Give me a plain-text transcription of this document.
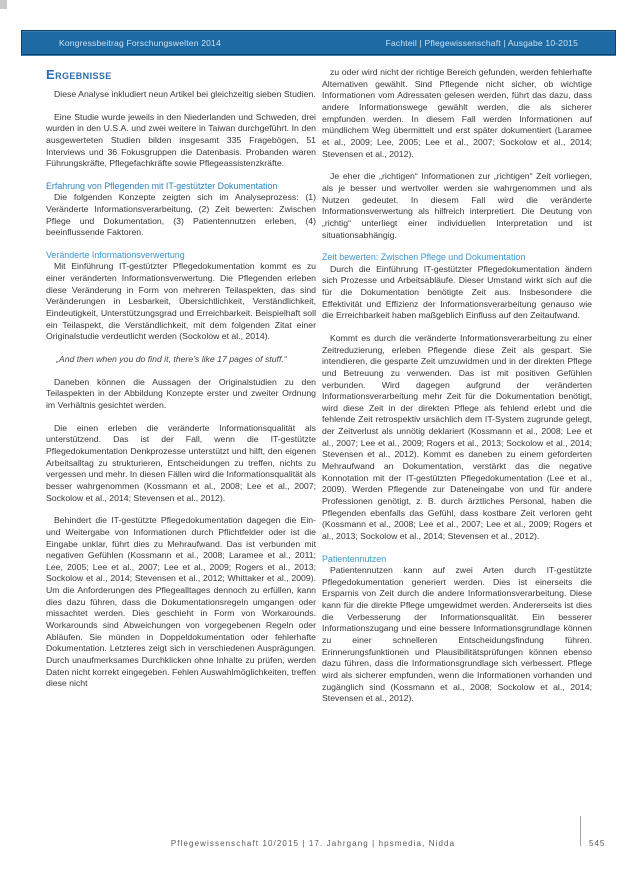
Kongressbeitrag Forschungswelten 2014	Fachteil | Pflegewissenschaft | Ausgabe 10-2015
Ergebnisse

Diese Analyse inkludiert neun Artikel bei gleichzeitig sieben Studien.

Eine Studie wurde jeweils in den Niederlanden und Schweden, drei wurden in den U.S.A. und zwei weitere in Taiwan durchgeführt. In den ausgewerteten Studien bilden insgesamt 335 Fragebögen, 51 Interviews und 36 Fokusgruppen die Datenbasis. Probanden waren Führungskräfte, Pflegefachkräfte sowie Pflegeassistenzkräfte.

Erfahrung von Pflegenden mit IT-gestützter Dokumentation

Die folgenden Konzepte zeigten sich im Analyseprozess: (1) Veränderte Informationsverarbeitung, (2) Zeit bewerten: Zwischen Pflege und Dokumentation, (3) Patientennutzen erleben, (4) beeinflussende Faktoren.

Veränderte Informationsverwertung

Mit Einführung IT-gestützter Pflegedokumentation kommt es zu einer veränderten Informationsverwertung. Die Pflegenden erleben diese Veränderung in Form von mehreren Teilaspekten, das sind Veränderungen in Lesbarkeit, Übersichtlichkeit, Verständlichkeit, Eindeutigkeit, Unterstützungsgrad und Erreichbarkeit. Beispielhaft soll ein Teilaspekt, die Verständlichkeit, mit dem folgenden Zitat einer Originalstudie verdeutlicht werden (Sockolow et al., 2014).

„And then when you do find it, there’s like 17 pages of stuff.“

Daneben können die Aussagen der Originalstudien zu den Teilaspekten in der Abbildung Konzepte erster und zweiter Ordnung im Verhältnis gesichtet werden.

Die einen erleben die veränderte Informationsqualität als unterstützend. Das ist der Fall, wenn die IT-gestützte Pflegedokumentation Denkprozesse unterstützt und hilft, den eigenen Arbeitsalltag zu strukturieren, Entscheidungen zu treffen, nichts zu vergessen und mehr. In diesen Fällen wird die Informationsqualität als besser wahrgenommen (Kossmann et al., 2008; Lee et al., 2007; Sockolow et al., 2014; Stevensen et al., 2012).

Behindert die IT-gestützte Pflegedokumentation dagegen die Ein- und Weitergabe von Informationen durch Pflichtfelder oder ist die Eingabe unklar, führt dies zu Mehraufwand. Das ist verbunden mit negativen Gefühlen (Kossmann et al., 2008; Laramee et al., 2011; Lee, 2005; Lee et al., 2007; Lee et al., 2009; Rogers et al., 2013; Sockolow et al., 2014; Stevensen et al., 2012; Whittaker et al., 2009). Um die Anforderungen des Pflegealltages dennoch zu erfüllen, kann dies dazu führen, dass die Dokumentationsregeln umgangen oder missachtet werden. Dies geschieht in Form von Workarounds. Workarounds sind Abweichungen von vorgegebenen Regeln oder Abläufen. Sie münden in Doppeldokumentation oder fehlerhafte Dokumentation. Letzteres zeigt sich in verschiedenen Ausprägungen. Durch unaufmerksames Durchklicken ohne Inhalte zu prüfen, werden Daten nicht korrekt eingegeben. Fehlen Auswahlmöglichkeiten, treffen diese nicht

zu oder wird nicht der richtige Bereich gefunden, werden fehlerhafte Alternativen gewählt. Sind Pflegende nicht sicher, ob wichtige Informationen vom Adressaten gelesen werden, führt das dazu, dass andere Informationswege gewählt werden, die als sicherer empfunden werden. In diesem Fall werden Informationen auf mündlichem Weg übermittelt und erst später dokumentiert (Laramee et al., 2009; Lee, 2005; Lee et al., 2007; Sockolow et al., 2014; Stevensen et al., 2012).

Je eher die „richtigen“ Informationen zur „richtigen“ Zeit vorliegen, als je besser und wertvoller werden sie wahrgenommen und als Nutzen gedeutet. In diesem Fall wird die veränderte Informationsverwertung als hilfreich interpretiert. Die Deutung von „richtig“ unterliegt einer individuellen Interpretation und ist situationsabhängig.

Zeit bewerten: Zwischen Pflege und Dokumentation

Durch die Einführung IT-gestützter Pflegedokumentation ändern sich Prozesse und Arbeitsabläufe. Dieser Umstand wirkt sich auf die für die Dokumentation benötigte Zeit aus. Insbesondere die Effektivität und Effizienz der Informationsverarbeitung genauso wie die Erreichbarkeit haben maßgeblich Einfluss auf den Zeitaufwand.

Kommt es durch die veränderte Informationsverarbeitung zu einer Zeitreduzierung, erleben Pflegende diese Zeit als gespart. Sie intendieren, die gesparte Zeit umzuwidmen und in der direkten Pflege und Betreuung zu verwenden. Das ist mit positiven Gefühlen verbunden. Wird dagegen aufgrund der veränderten Informationsverarbeitung mehr Zeit für die Dokumentation benötigt, wird diese Zeit in der direkten Pflege als fehlend erlebt und die fehlende Zeit retrospektiv ursächlich dem IT-System zugrunde gelegt, der Zeitverlust als unnötig deklariert (Kossmann et al., 2008; Lee et al., 2007; Lee et al., 2009; Rogers et al., 2013; Sockolow et al., 2014; Stevensen et al., 2012). Kommt es daneben zu einem geforderten Mehraufwand an Dokumentation, verstärkt das die negative Konnotation mit der IT-gestützten Pflegedokumentation (Lee et al., 2009). Werden Pflegende zur Dateneingabe von und für andere Professionen genötigt, z. B. durch ärztliches Personal, haben die Pflegenden ebenfalls das Gefühl, dass kostbare Zeit verloren geht (Kossmann et al., 2008; Lee et al., 2007; Lee et al., 2009; Rogers et al., 2013; Sockolow et al., 2014; Stevensen et al., 2012).

Patientennutzen

Patientennutzen kann auf zwei Arten durch IT-gestützte Pflegedokumentation generiert werden. Dies ist einerseits die Ersparnis von Zeit durch die andere Informationsverarbeitung. Diese kann für die direkte Pflege umgewidmet werden. Andererseits ist dies die Verbesserung der Informationsqualität. Ein besserer Informationszugang und eine bessere Informationsgrundlage können zu einer schnelleren Entscheidungsfindung führen. Erinnerungsfunktionen und Plausibilitätsprüfungen können ebenso dazu führen, dass die Informationsgrundlage sich verbessert. Pflege wird als sicherer empfunden, wenn die Informationen vorhanden und zugänglich sind (Kossmann et al., 2008; Sockolow et al., 2014; Stevensen et al., 2012).

Pflegewissenschaft 10/2015 | 17. Jahrgang | hpsmedia, Nidda	545
